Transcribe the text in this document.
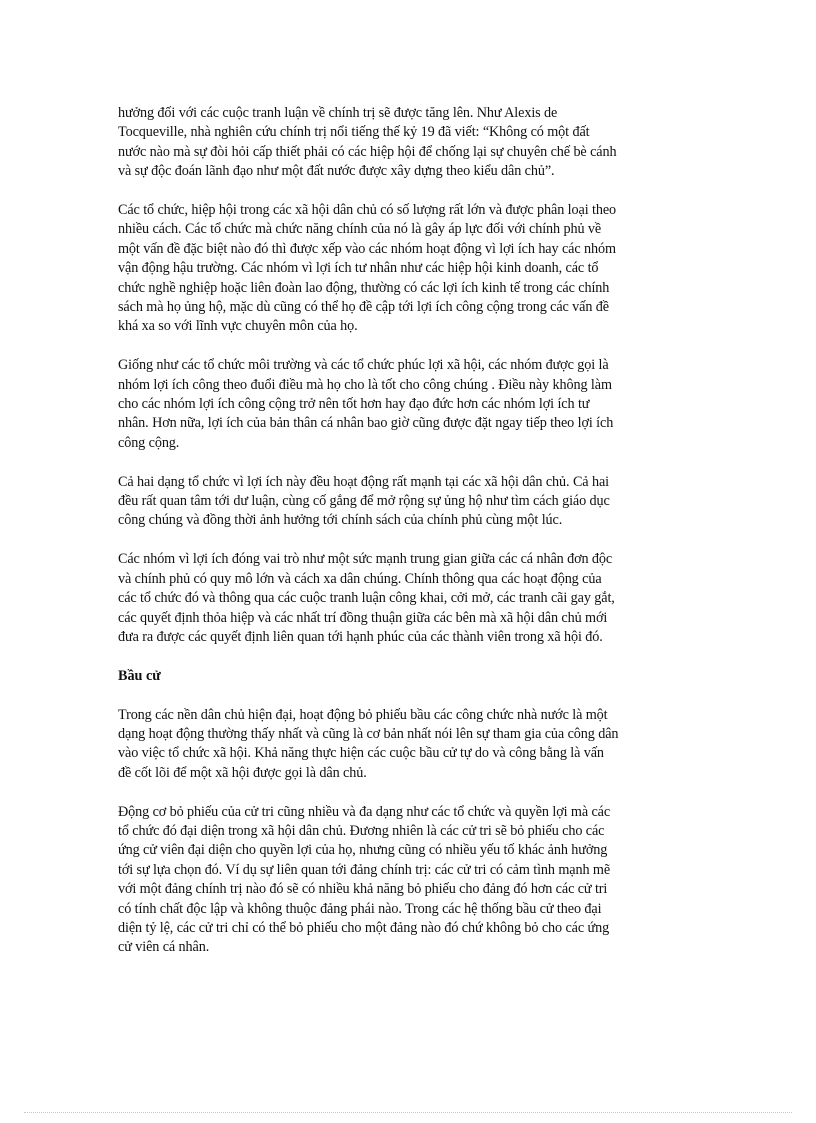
hưởng đối với các cuộc tranh luận về chính trị sẽ được tăng lên. Như Alexis de
Tocqueville, nhà nghiên cứu chính trị nổi tiếng thế kỷ 19 đã viết: “Không có một đất
nước nào mà sự đòi hỏi cấp thiết phải có các hiệp hội để chống lại sự chuyên chế bè cánh
và sự độc đoán lãnh đạo như một đất nước được xây dựng theo kiểu dân chủ”.
Các tổ chức, hiệp hội trong các xã hội dân chủ có số lượng rất lớn và được phân loại theo
nhiều cách. Các tổ chức mà chức năng chính của nó là gây áp lực đối với chính phủ về
một vấn đề đặc biệt nào đó thì được xếp vào các nhóm hoạt động vì lợi ích hay các nhóm
vận động hậu trường. Các nhóm vì lợi ích tư nhân như các hiệp hội kinh doanh, các tổ
chức nghề nghiệp hoặc liên đoàn lao động, thường có các lợi ích kinh tế trong các chính
sách mà họ ủng hộ, mặc dù cũng có thể họ đề cập tới lợi ích công cộng trong các vấn đề
khá xa so với lĩnh vực chuyên môn của họ.
Giống như các tổ chức môi trường và các tổ chức phúc lợi xã hội, các nhóm được gọi là
nhóm lợi ích công theo đuổi điều mà họ cho là tốt cho công chúng . Điều này không làm
cho các nhóm lợi ích công cộng trở nên tốt hơn hay đạo đức hơn các nhóm lợi ích tư
nhân. Hơn nữa, lợi ích của bản thân cá nhân bao giờ cũng được đặt ngay tiếp theo lợi ích
công cộng.
Cả hai dạng tổ chức vì lợi ích này đều hoạt động rất mạnh tại các xã hội dân chủ. Cả hai
đều rất quan tâm tới dư luận, cùng cố gắng để mở rộng sự ủng hộ như tìm cách giáo dục
công chúng và đồng thời ảnh hưởng tới chính sách của chính phủ cùng một lúc.
Các nhóm vì lợi ích đóng vai trò như một sức mạnh trung gian giữa các cá nhân đơn độc
và chính phủ có quy mô lớn và cách xa dân chúng. Chính thông qua các hoạt động của
các tổ chức đó và thông qua các cuộc tranh luận công khai, cởi mở, các tranh cãi gay gắt,
các quyết định thỏa hiệp và các nhất trí đồng thuận giữa các bên mà xã hội dân chủ mới
đưa ra được các quyết định liên quan tới hạnh phúc của các thành viên trong xã hội đó.
Bầu cử
Trong các nền dân chủ hiện đại, hoạt động bỏ phiếu bầu các công chức nhà nước là một
dạng hoạt động thường thấy nhất và cũng là cơ bản nhất nói lên sự tham gia của công dân
vào việc tổ chức xã hội. Khả năng thực hiện các cuộc bầu cử tự do và công bằng là vấn
đề cốt lõi để một xã hội được gọi là dân chủ.
Động cơ bỏ phiếu của cử tri cũng nhiều và đa dạng như các tổ chức và quyền lợi mà các
tổ chức đó đại diện trong xã hội dân chủ. Đương nhiên là các cử tri sẽ bỏ phiếu cho các
ứng cử viên đại diện cho quyền lợi của họ, nhưng cũng có nhiều yếu tố khác ảnh hưởng
tới sự lựa chọn đó. Ví dụ sự liên quan tới đảng chính trị: các cử tri có cảm tình mạnh mẽ
với một đảng chính trị nào đó sẽ có nhiều khả năng bỏ phiếu cho đảng đó hơn các cử tri
có tính chất độc lập và không thuộc đảng phái nào. Trong các hệ thống bầu cử theo đại
diện tỷ lệ, các cử tri chỉ có thể bỏ phiếu cho một đảng nào đó chứ không bỏ cho các ứng
cử viên cá nhân.
